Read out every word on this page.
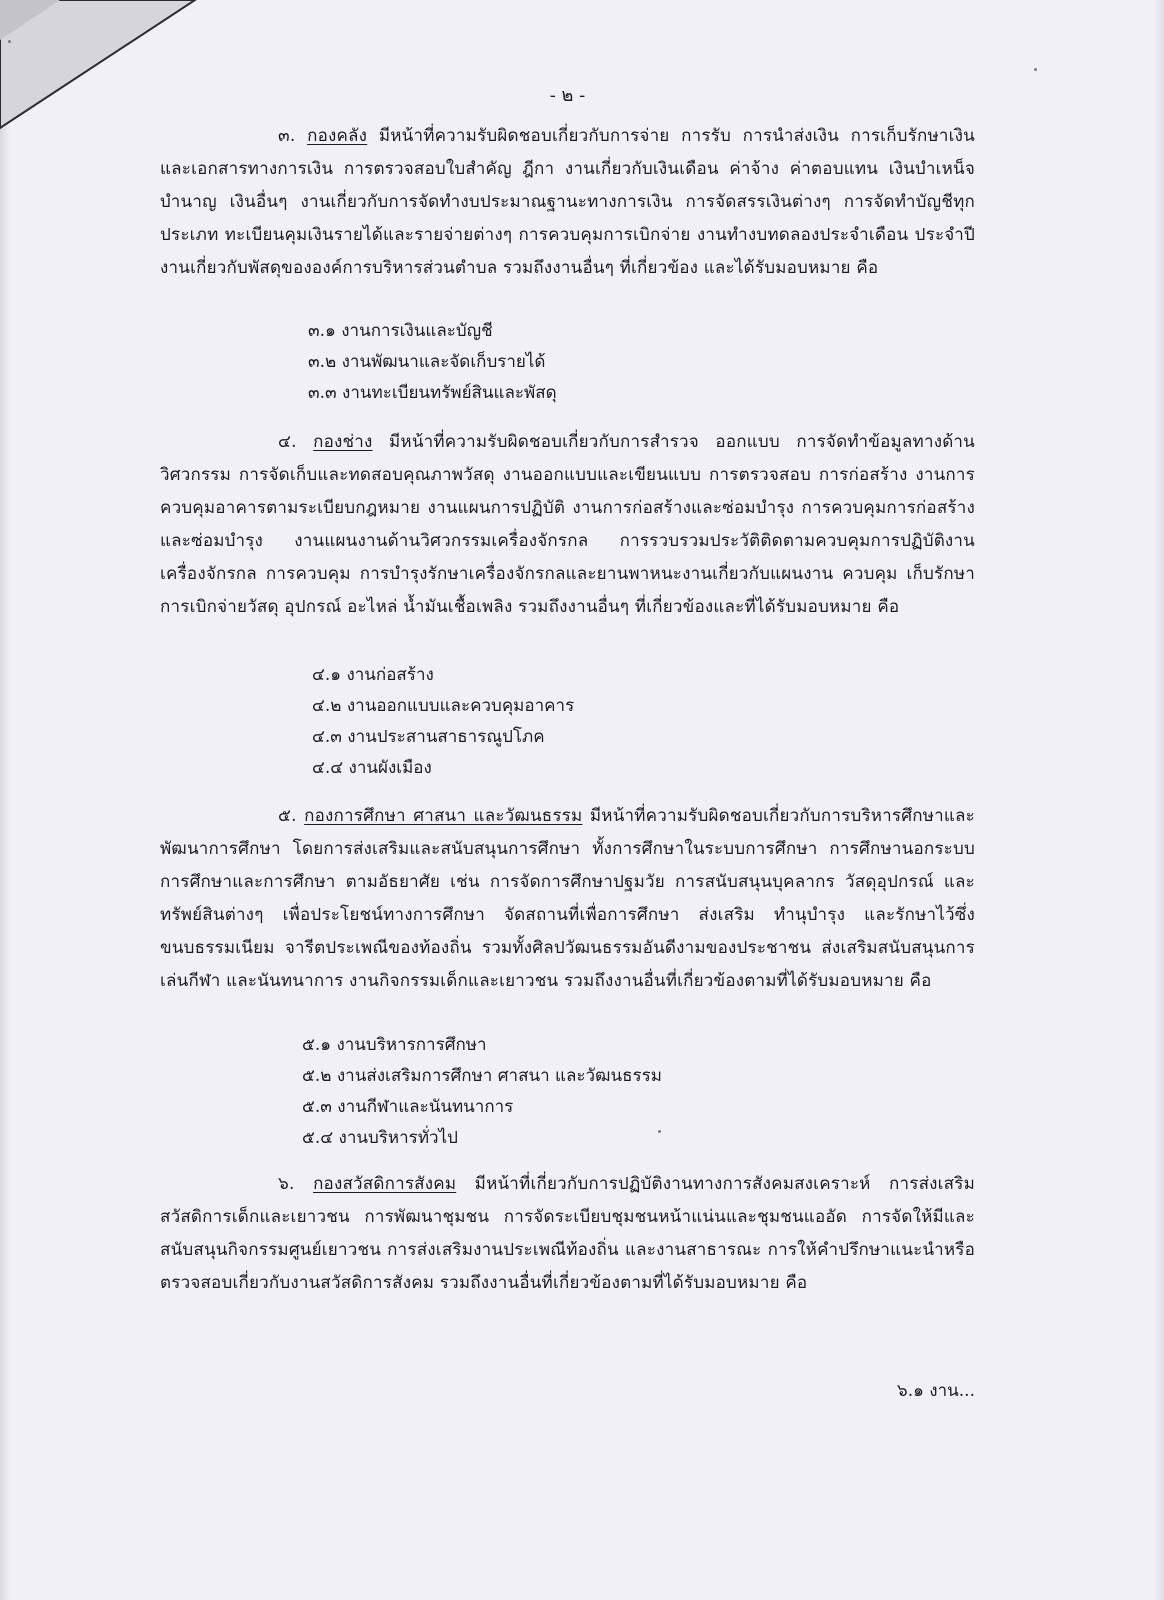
- ๒ -

๓. กองคลัง มีหน้าที่ความรับผิดชอบเกี่ยวกับการจ่าย การรับ การนำส่งเงิน การเก็บรักษาเงิน และเอกสารทางการเงิน การตรวจสอบใบสำคัญ ฎีกา งานเกี่ยวกับเงินเดือน ค่าจ้าง ค่าตอบแทน เงินบำเหน็จ บำนาญ เงินอื่นๆ งานเกี่ยวกับการจัดทำงบประมาณฐานะทางการเงิน การจัดสรรเงินต่างๆ การจัดทำบัญชีทุกประเภท ทะเบียนคุมเงินรายได้และรายจ่ายต่างๆ การควบคุมการเบิกจ่าย งานทำงบทดลองประจำเดือน ประจำปี งานเกี่ยวกับพัสดุขององค์การบริหารส่วนตำบล รวมถึงงานอื่นๆ ที่เกี่ยวข้อง และได้รับมอบหมาย คือ

๓.๑ งานการเงินและบัญชี
๓.๒ งานพัฒนาและจัดเก็บรายได้
๓.๓ งานทะเบียนทรัพย์สินและพัสดุ

๔. กองช่าง มีหน้าที่ความรับผิดชอบเกี่ยวกับการสำรวจ ออกแบบ การจัดทำข้อมูลทางด้านวิศวกรรม การจัดเก็บและทดสอบคุณภาพวัสดุ งานออกแบบและเขียนแบบ การตรวจสอบ การก่อสร้าง งานการควบคุมอาคารตามระเบียบกฎหมาย งานแผนการปฏิบัติ งานการก่อสร้างและซ่อมบำรุง การควบคุมการก่อสร้างและซ่อมบำรุง งานแผนงานด้านวิศวกรรมเครื่องจักรกล การรวบรวมประวัติติดตามควบคุมการปฏิบัติงาน เครื่องจักรกล การควบคุม การบำรุงรักษาเครื่องจักรกลและยานพาหนะงานเกี่ยวกับแผนงาน ควบคุม เก็บรักษา การเบิกจ่ายวัสดุ อุปกรณ์ อะไหล่ น้ำมันเชื้อเพลิง รวมถึงงานอื่นๆ ที่เกี่ยวข้องและที่ได้รับมอบหมาย คือ

๔.๑ งานก่อสร้าง
๔.๒ งานออกแบบและควบคุมอาคาร
๔.๓ งานประสานสาธารณูปโภค
๔.๔ งานผังเมือง

๕. กองการศึกษา ศาสนา และวัฒนธรรม มีหน้าที่ความรับผิดชอบเกี่ยวกับการบริหารศึกษาและพัฒนาการศึกษา โดยการส่งเสริมและสนับสนุนการศึกษา ทั้งการศึกษาในระบบการศึกษา การศึกษานอกระบบการศึกษาและการศึกษา ตามอัธยาศัย เช่น การจัดการศึกษาปฐมวัย การสนับสนุนบุคลากร วัสดุอุปกรณ์ และทรัพย์สินต่างๆ เพื่อประโยชน์ทางการศึกษา จัดสถานที่เพื่อการศึกษา ส่งเสริม ทำนุบำรุง และรักษาไว้ซึ่งขนบธรรมเนียม จารีตประเพณีของท้องถิ่น รวมทั้งศิลปวัฒนธรรมอันดีงามของประชาชน ส่งเสริมสนับสนุนการเล่นกีฬา และนันทนาการ งานกิจกรรมเด็กและเยาวชน รวมถึงงานอื่นที่เกี่ยวข้องตามที่ได้รับมอบหมาย คือ

๕.๑ งานบริหารการศึกษา
๕.๒ งานส่งเสริมการศึกษา ศาสนา และวัฒนธรรม
๕.๓ งานกีฬาและนันทนาการ
๕.๔ งานบริหารทั่วไป

๖. กองสวัสดิการสังคม มีหน้าที่เกี่ยวกับการปฏิบัติงานทางการสังคมสงเคราะห์ การส่งเสริมสวัสดิการเด็กและเยาวชน การพัฒนาชุมชน การจัดระเบียบชุมชนหน้าแน่นและชุมชนแออัด การจัดให้มีและสนับสนุนกิจกรรมศูนย์เยาวชน การส่งเสริมงานประเพณีท้องถิ่น และงานสาธารณะ การให้คำปรึกษาแนะนำหรือตรวจสอบเกี่ยวกับงานสวัสดิการสังคม รวมถึงงานอื่นที่เกี่ยวข้องตามที่ได้รับมอบหมาย คือ

๖.๑ งาน...
